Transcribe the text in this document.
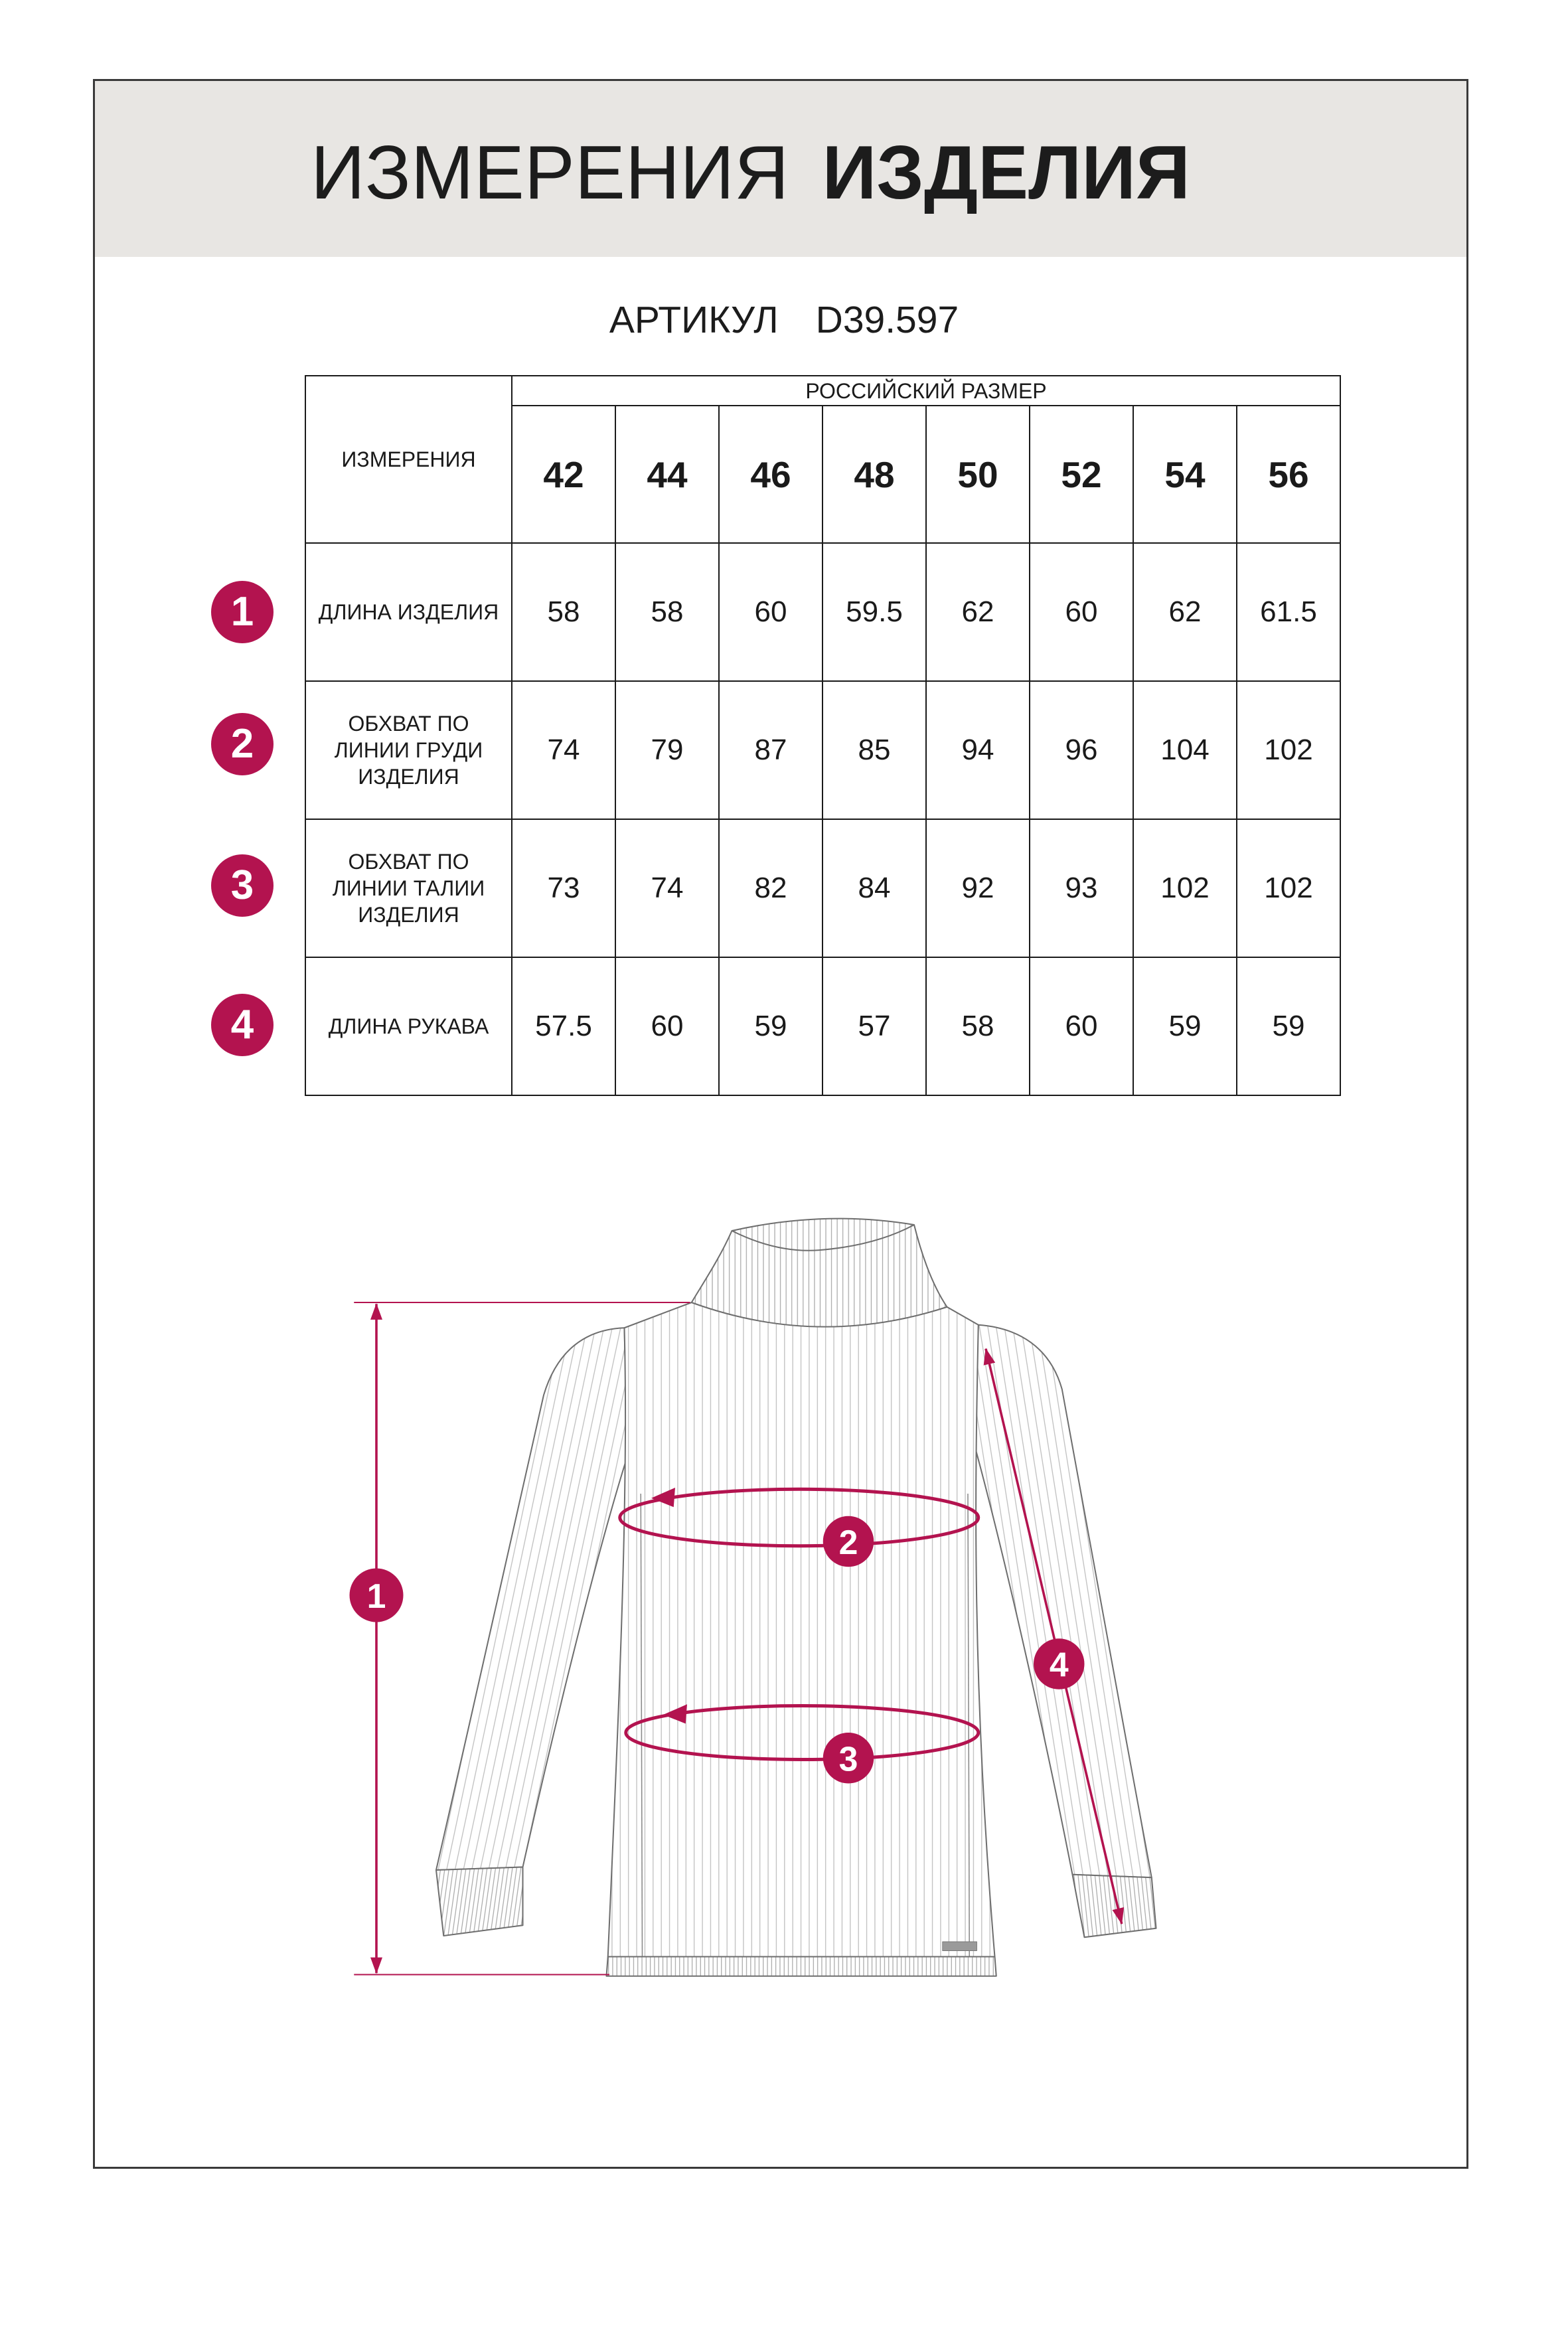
ИЗМЕРЕНИЯ ИЗДЕЛИЯ
АРТИКУЛ D39.597
ИЗМЕРЕНИЯ	РОССИЙСКИЙ РАЗМЕР							
	42	44	46	48	50	52	54	56
ДЛИНА ИЗДЕЛИЯ	58	58	60	59.5	62	60	62	61.5
ОБХВАТ ПО
ЛИНИИ ГРУДИ
ИЗДЕЛИЯ	74	79	87	85	94	96	104	102
ОБХВАТ ПО
ЛИНИИ ТАЛИИ
ИЗДЕЛИЯ	73	74	82	84	92	93	102	102
ДЛИНА РУКАВА	57.5	60	59	57	58	60	59	59
1
2
3
4
1
2
3
4
